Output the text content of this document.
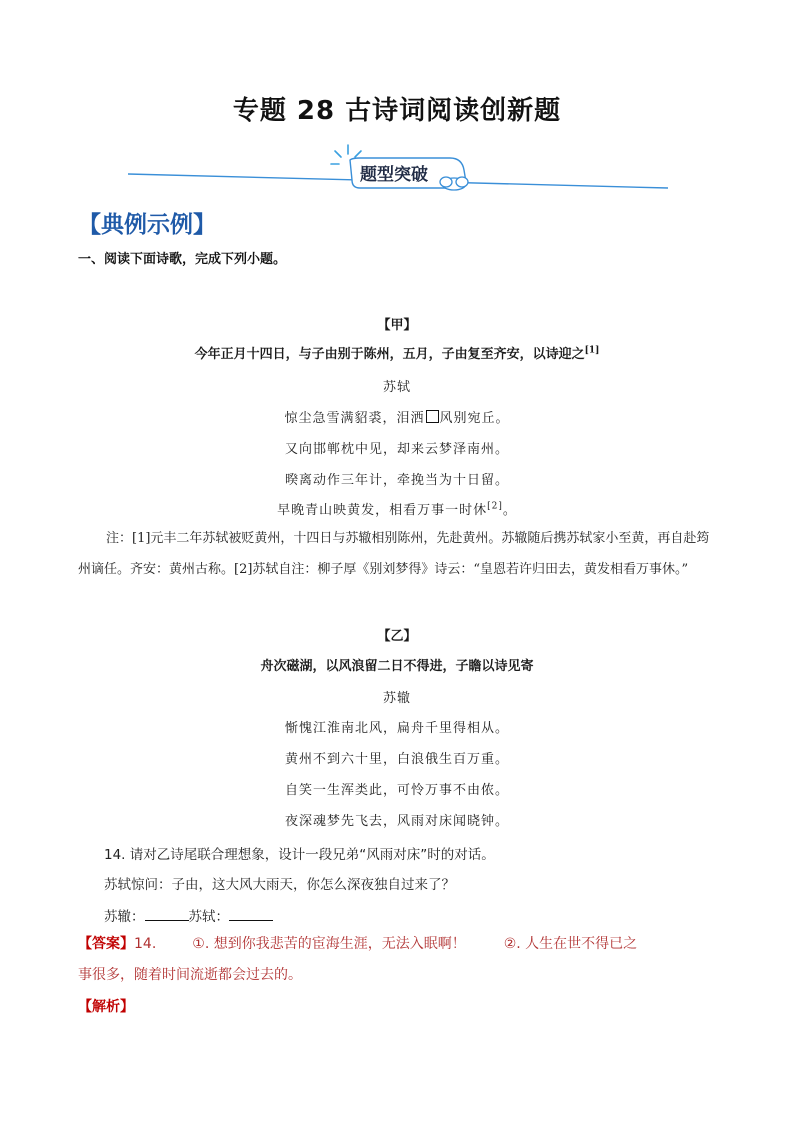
专题 28 古诗词阅读创新题
题型突破
【典例示例】
一、阅读下面诗歌，完成下列小题。
【甲】
今年正月十四日，与子由别于陈州，五月，子由复至齐安，以诗迎之[1]
苏轼
惊尘急雪满貂裘，泪洒 风别宛丘。
又向邯郸枕中见，却来云梦泽南州。
暌离动作三年计，牵挽当为十日留。
早晚青山映黄发，相看万事一时休[2]。

注：[1]元丰二年苏轼被贬黄州，十四日与苏辙相别陈州，先赴黄州。苏辙随后携苏轼家小至黄，再自赴筠州谪任。齐安：黄州古称。[2]苏轼自注：柳子厚《别刘梦得》诗云：“皇恩若许归田去，黄发相看万事休。”

【乙】
舟次磁湖，以风浪留二日不得进，子瞻以诗见寄
苏辙
惭愧江淮南北风，扁舟千里得相从。
黄州不到六十里，白浪俄生百万重。
自笑一生浑类此，可怜万事不由侬。
夜深魂梦先飞去，风雨对床闻晓钟。
14. 请对乙诗尾联合理想象，设计一段兄弟“风雨对床”时的对话。
苏轼惊问：子由，这大风大雨天，你怎么深夜独自过来了？
苏辙：	苏轼：
【答案】14.	①. 想到你我悲苦的宦海生涯，无法入眠啊！	②. 人生在世不得已之
事很多，随着时间流逝都会过去的。
【解析】
